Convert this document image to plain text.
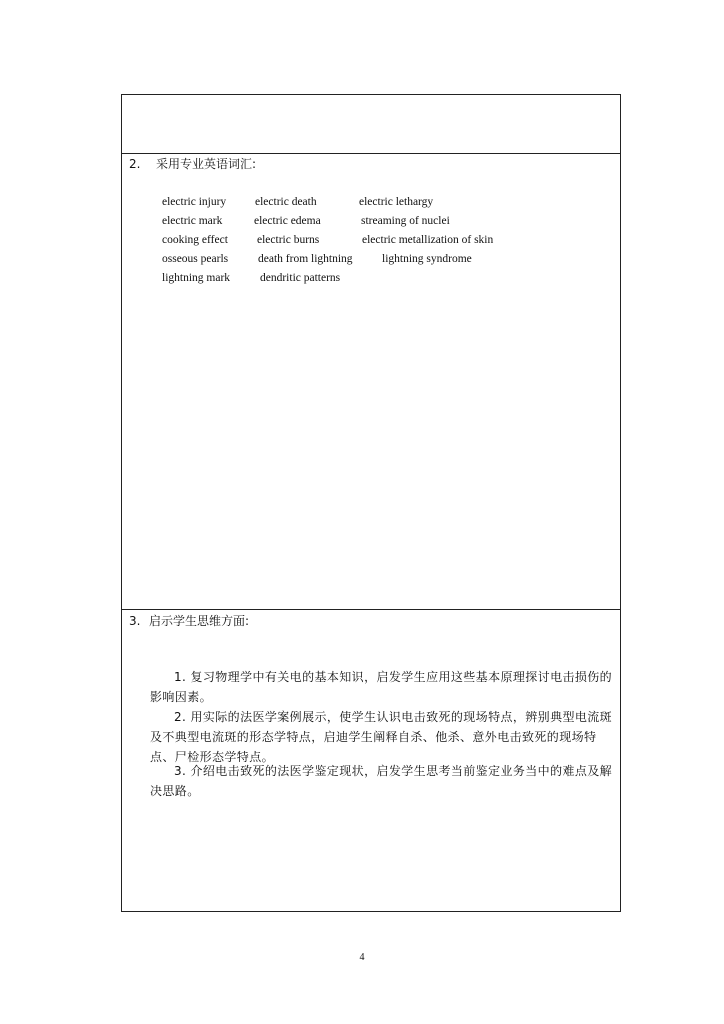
2. 采用专业英语词汇:
electric injury	electric death	electric lethargy
electric mark	electric edema	streaming of nuclei
cooking effect	electric burns	electric metallization of skin
osseous pearls	death from lightning	lightning syndrome
lightning mark	dendritic patterns
3. 启示学生思维方面:
1. 复习物理学中有关电的基本知识，启发学生应用这些基本原理探讨电击损伤的影响因素。
2. 用实际的法医学案例展示，使学生认识电击致死的现场特点，辨别典型电流斑及不典型电流斑的形态学特点，启迪学生阐释自杀、他杀、意外电击致死的现场特点、尸检形态学特点。
3. 介绍电击致死的法医学鉴定现状，启发学生思考当前鉴定业务当中的难点及解决思路。
4
